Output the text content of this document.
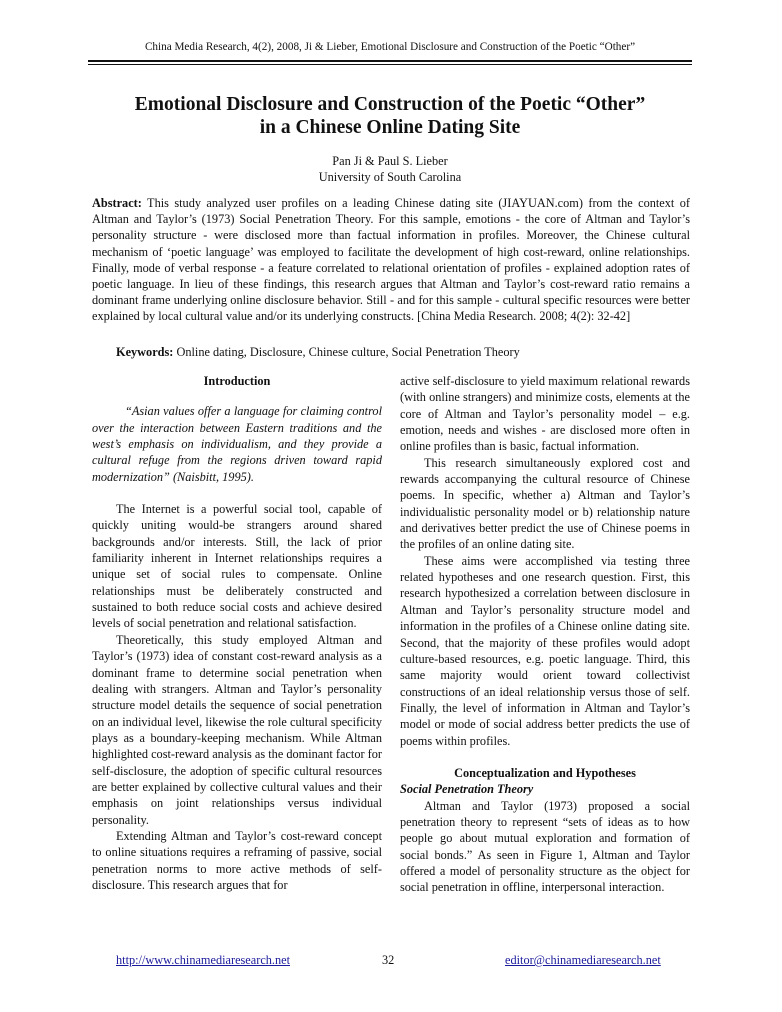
China Media Research, 4(2), 2008, Ji & Lieber, Emotional Disclosure and Construction of the Poetic “Other”
Emotional Disclosure and Construction of the Poetic “Other”
in a Chinese Online Dating Site
Pan Ji & Paul S. Lieber
University of South Carolina

Abstract: This study analyzed user profiles on a leading Chinese dating site (JIAYUAN.com) from the context of Altman and Taylor’s (1973) Social Penetration Theory. For this sample, emotions - the core of Altman and Taylor’s personality structure - were disclosed more than factual information in profiles. Moreover, the Chinese cultural mechanism of ‘poetic language’ was employed to facilitate the development of high cost-reward, online relationships. Finally, mode of verbal response - a feature correlated to relational orientation of profiles - explained adoption rates of poetic language. In lieu of these findings, this research argues that Altman and Taylor’s cost-reward ratio remains a dominant frame underlying online disclosure behavior. Still - and for this sample - cultural specific resources were better explained by local cultural value and/or its underlying constructs. [China Media Research. 2008; 4(2): 32-42]

Keywords: Online dating, Disclosure, Chinese culture, Social Penetration Theory

Introduction

“Asian values offer a language for claiming control over the interaction between Eastern traditions and the west’s emphasis on individualism, and they provide a cultural refuge from the regions driven toward rapid modernization” (Naisbitt, 1995).

The Internet is a powerful social tool, capable of quickly uniting would-be strangers around shared backgrounds and/or interests. Still, the lack of prior familiarity inherent in Internet relationships requires a unique set of social rules to compensate. Online relationships must be deliberately constructed and sustained to both reduce social costs and achieve desired levels of social penetration and relational satisfaction.

Theoretically, this study employed Altman and Taylor’s (1973) idea of constant cost-reward analysis as a dominant frame to determine social penetration when dealing with strangers. Altman and Taylor’s personality structure model details the sequence of social penetration on an individual level, likewise the role cultural specificity plays as a boundary-keeping mechanism. While Altman highlighted cost-reward analysis as the dominant factor for self-disclosure, the adoption of specific cultural resources are better explained by collective cultural values and their emphasis on joint relationships versus individual personality.

Extending Altman and Taylor’s cost-reward concept to online situations requires a reframing of passive, social penetration norms to more active methods of self-disclosure. This research argues that for

active self-disclosure to yield maximum relational rewards (with online strangers) and minimize costs, elements at the core of Altman and Taylor’s personality model – e.g. emotion, needs and wishes - are disclosed more often in online profiles than is basic, factual information.

This research simultaneously explored cost and rewards accompanying the cultural resource of Chinese poems. In specific, whether a) Altman and Taylor’s individualistic personality model or b) relationship nature and derivatives better predict the use of Chinese poems in the profiles of an online dating site.

These aims were accomplished via testing three related hypotheses and one research question. First, this research hypothesized a correlation between disclosure in Altman and Taylor’s personality structure model and information in the profiles of a Chinese online dating site. Second, that the majority of these profiles would adopt culture-based resources, e.g. poetic language. Third, this same majority would orient toward collectivist constructions of an ideal relationship versus those of self. Finally, the level of information in Altman and Taylor’s model or mode of social address better predicts the use of poems within profiles.

Conceptualization and Hypotheses

Social Penetration Theory

Altman and Taylor (1973) proposed a social penetration theory to represent “sets of ideas as to how people go about mutual exploration and formation of social bonds.” As seen in Figure 1, Altman and Taylor offered a model of personality structure as the object for social penetration in offline, interpersonal interaction.

http://www.chinamediaresearch.net	32	editor@chinamediaresearch.net
